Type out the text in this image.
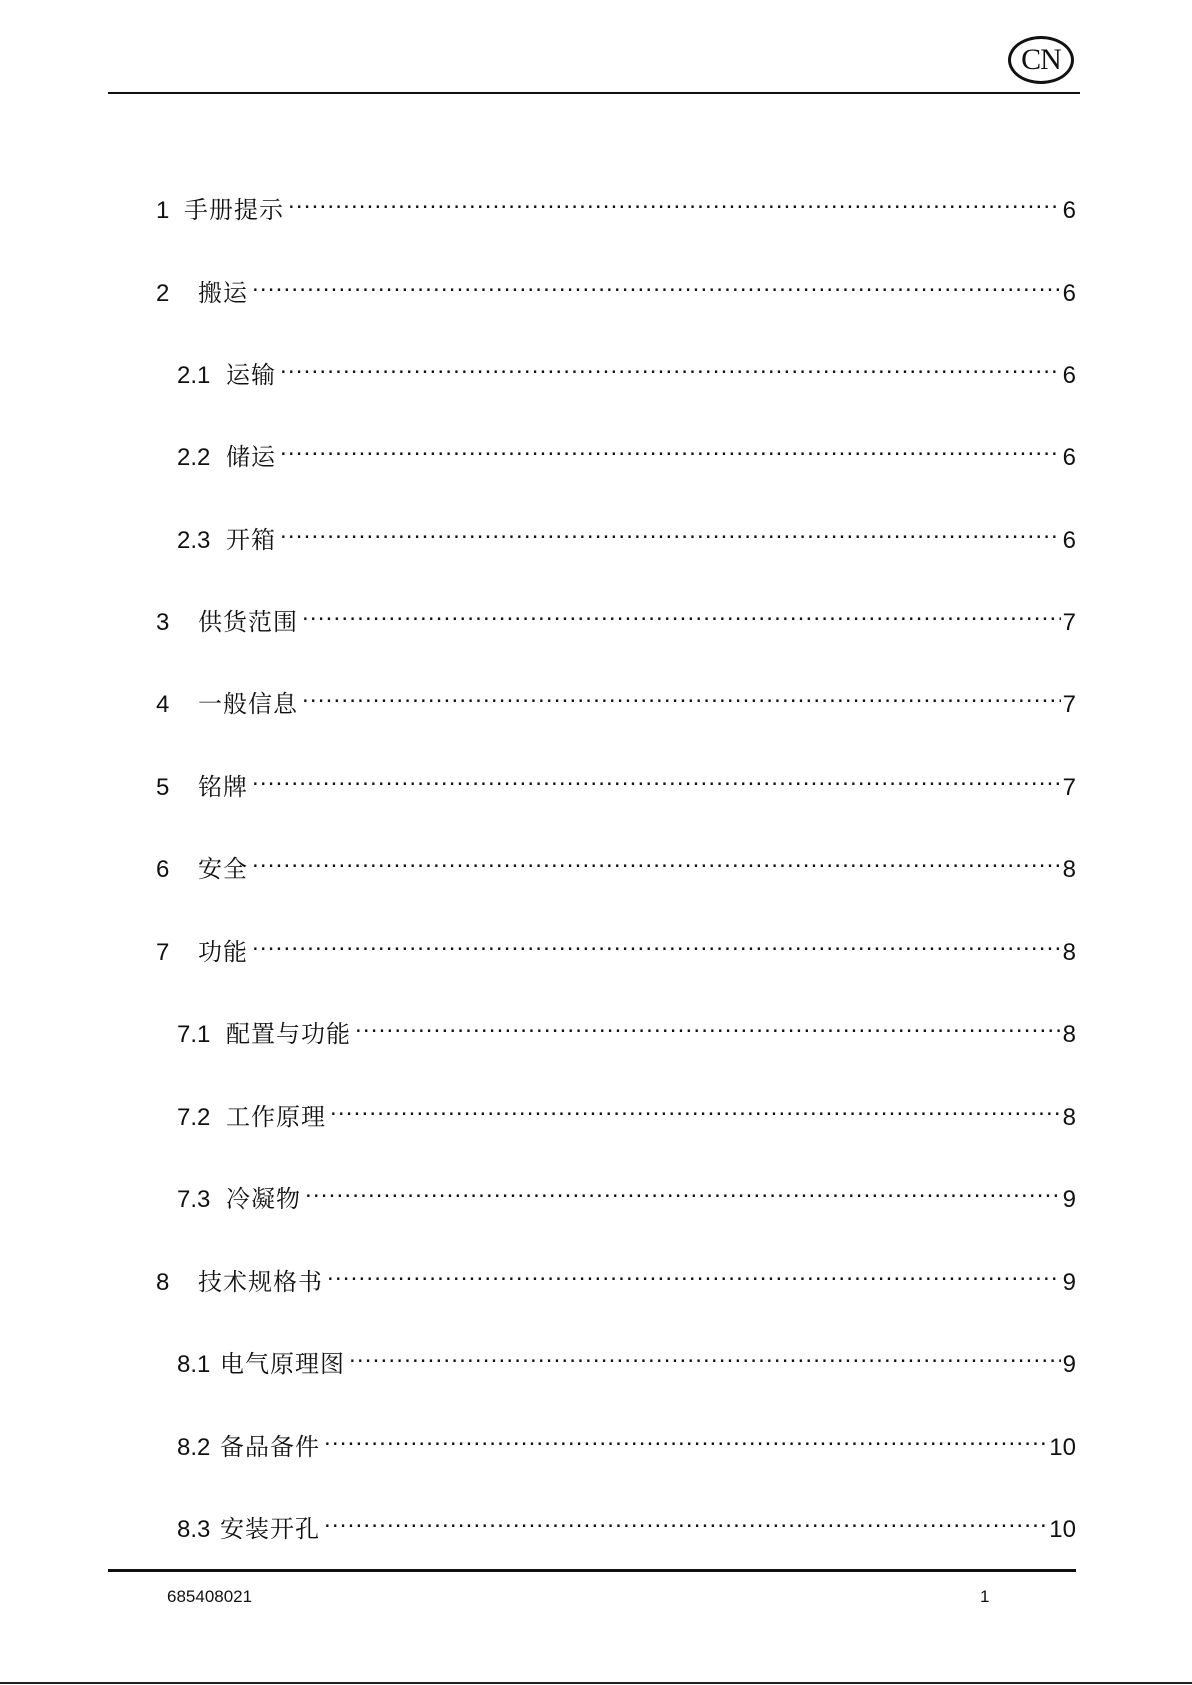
CN
1 手册提示 .....	6
2	搬运 .....	6
2.1 运输 .....	6
2.2 储运 .....	6
2.3 开箱 .....	6
3	供货范围 .....	7
4	一般信息 .....	7
5	铭牌 .....	7
6	安全 .....	8
7	功能 .....	8
7.1 配置与功能 .....	8
7.2 工作原理 .....	8
7.3 冷凝物 .....	9
8	技术规格书 .....	9
8.1 电气原理图 .....	9
8.2 备品备件 .....	10
8.3 安装开孔 .....	10
685408021	1
